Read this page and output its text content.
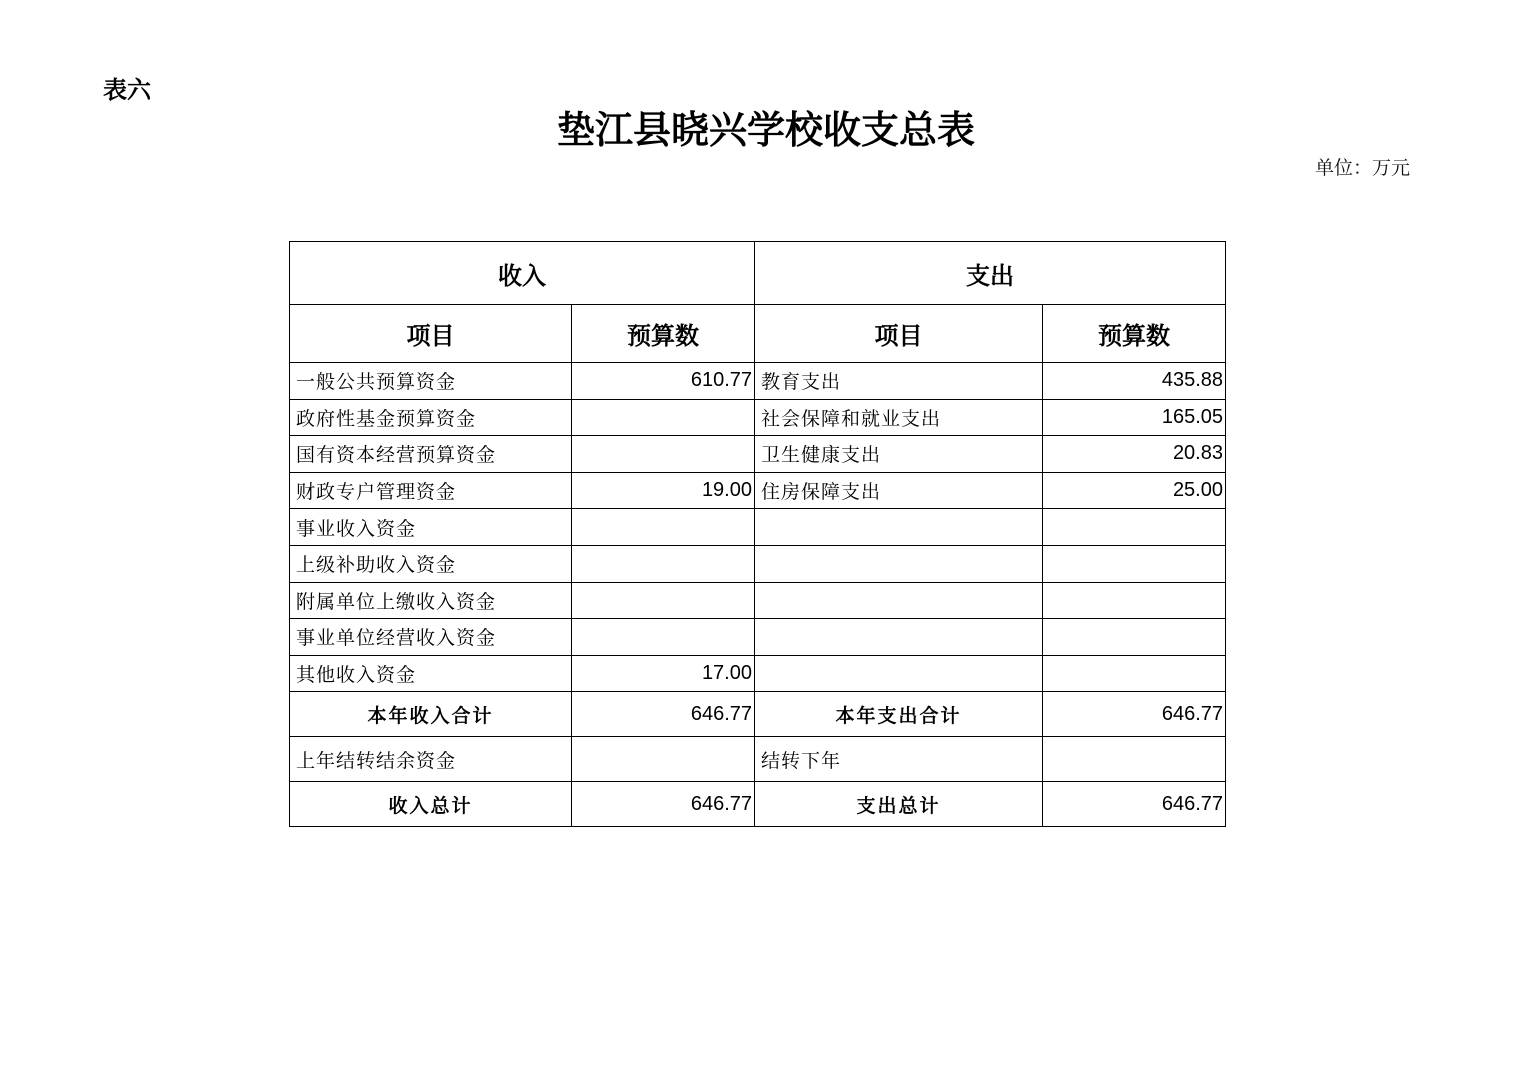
表六
垫江县晓兴学校收支总表
单位：万元
收入		支出	
项目	预算数	项目	预算数
一般公共预算资金	610.77	教育支出	435.88
政府性基金预算资金		社会保障和就业支出	165.05
国有资本经营预算资金		卫生健康支出	20.83
财政专户管理资金	19.00	住房保障支出	25.00
事业收入资金			
上级补助收入资金			
附属单位上缴收入资金			
事业单位经营收入资金			
其他收入资金	17.00		
本年收入合计	646.77	本年支出合计	646.77
上年结转结余资金		结转下年	
收入总计	646.77	支出总计	646.77
